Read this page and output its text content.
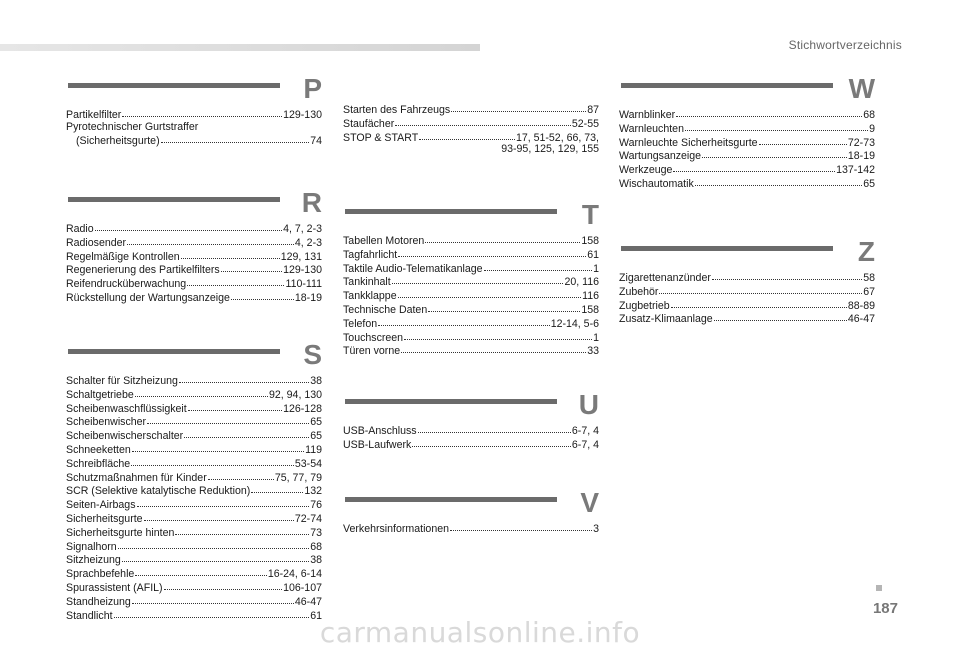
Stichwortverzeichnis
P
Partikelfilter	129-130
Pyrotechnischer Gurtstraffer
(Sicherheitsgurte)	74
R
Radio	4, 7, 2-3
Radiosender	4, 2-3
Regelmäßige Kontrollen	129, 131
Regenerierung des Partikelfilters	129-130
Reifendrucküberwachung	110-111
Rückstellung der Wartungsanzeige	18-19
S
Schalter für Sitzheizung	38
Schaltgetriebe	92, 94, 130
Scheibenwaschflüssigkeit	126-128
Scheibenwischer	65
Scheibenwischerschalter	65
Schneeketten	119
Schreibfläche	53-54
Schutzmaßnahmen für Kinder	75, 77, 79
SCR (Selektive katalytische Reduktion)	132
Seiten-Airbags	76
Sicherheitsgurte	72-74
Sicherheitsgurte hinten	73
Signalhorn	68
Sitzheizung	38
Sprachbefehle	16-24, 6-14
Spurassistent (AFIL)	106-107
Standheizung	46-47
Standlicht	61
Starten des Fahrzeugs	87
Staufächer	52-55
STOP & START	17, 51-52, 66, 73,
93-95, 125, 129, 155
T
Tabellen Motoren	158
Tagfahrlicht	61
Taktile Audio-Telematikanlage	1
Tankinhalt	20, 116
Tankklappe	116
Technische Daten	158
Telefon	12-14, 5-6
Touchscreen	1
Türen vorne	33
U
USB-Anschluss	6-7, 4
USB-Laufwerk	6-7, 4
V
Verkehrsinformationen	3
W
Warnblinker	68
Warnleuchten	9
Warnleuchte Sicherheitsgurte	72-73
Wartungsanzeige	18-19
Werkzeuge	137-142
Wischautomatik	65
Z
Zigarettenanzünder	58
Zubehör	67
Zugbetrieb	88-89
Zusatz-Klimaanlage	46-47
187
carmanualsonline.info
